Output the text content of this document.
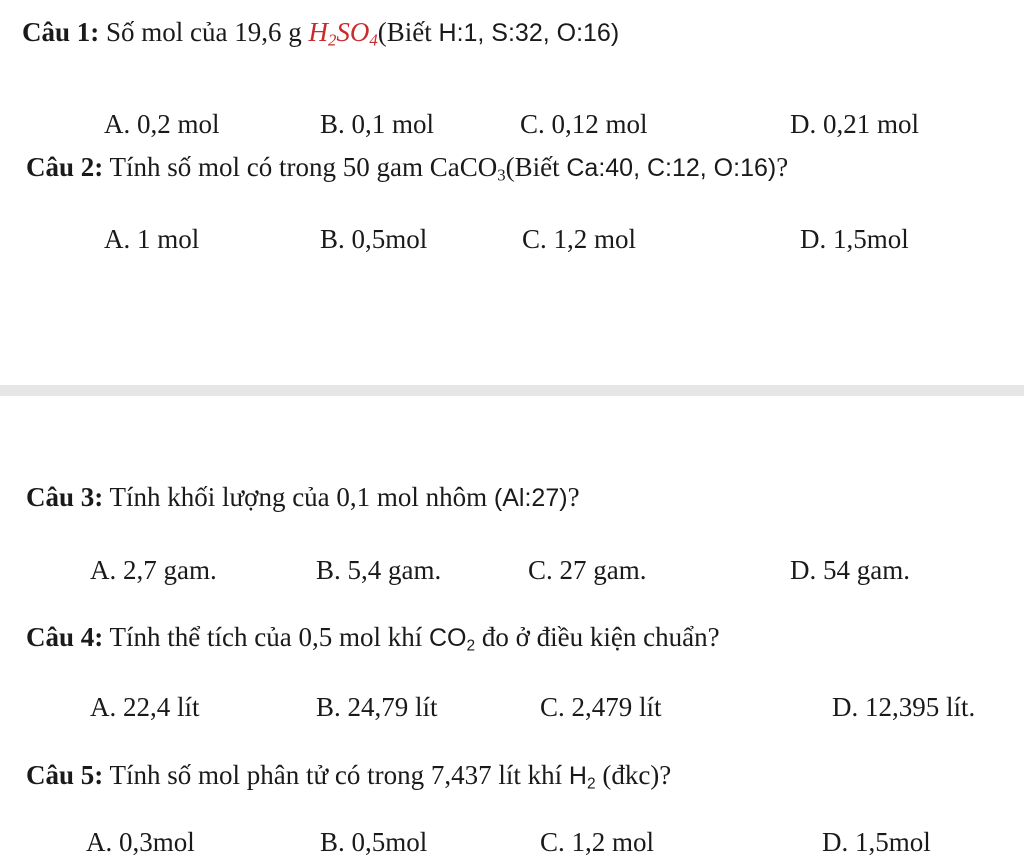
Câu 1: Số mol của 19,6 g $H_2SO_4(Biết$ H:1, S:32, O:16)
A. 0,2 mol	B. 0,1 mol	C. 0,12 mol	D. 0,21 mol
Câu 2: Tính số mol có trong 50 gam CaCO$_3$(Biết Ca:40, C:12, O:16)?
A. 1 mol	B. 0,5mol	C. 1,2 mol	D. 1,5mol
Câu 3: Tính khối lượng của 0,1 mol nhôm (Al:27)?
A. 2,7 gam.	B. 5,4 gam.	C. 27 gam.	D. 54 gam.
Câu 4: Tính thể tích của 0,5 mol khí $CO_2$ đo ở điều kiện chuẩn?
A. 22,4 lít	B. 24,79 lít	C. 2,479 lít	D. 12,395 lít.
Câu 5: Tính số mol phân tử có trong 7,437 lít khí $H_2$ (đkc)?
A. 0,3mol	B. 0,5mol	C. 1,2 mol	D. 1,5mol
